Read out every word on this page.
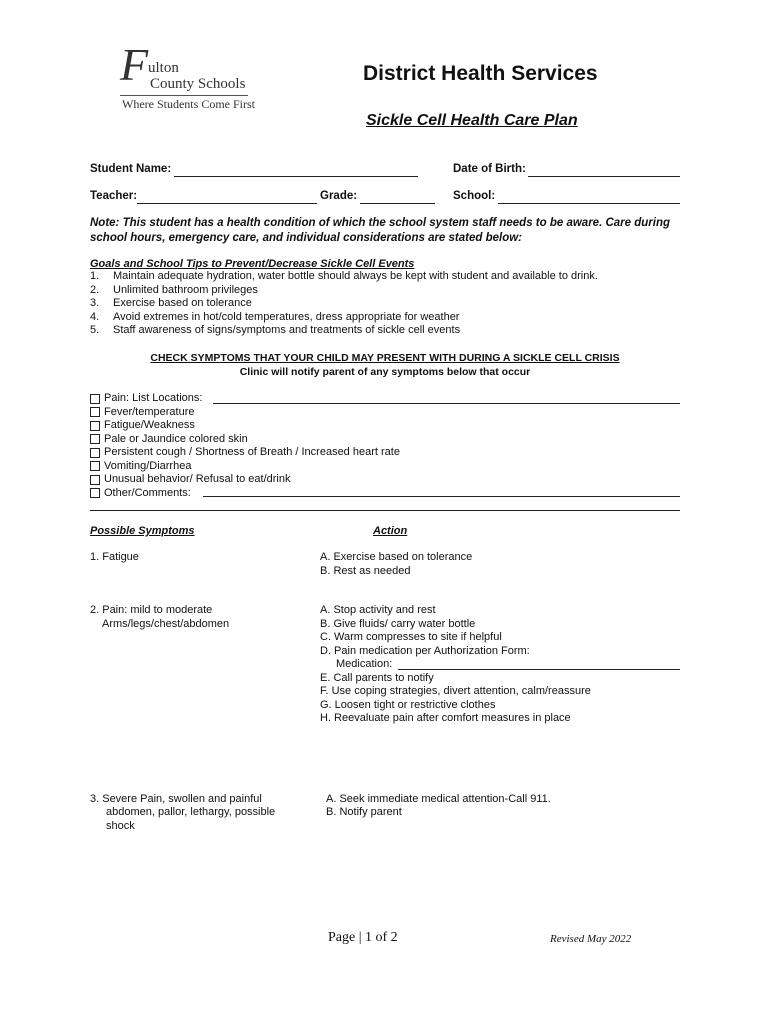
F ulton
County Schools
Where Students Come First
District Health Services
Sickle Cell Health Care Plan
Student Name:	Date of Birth:
Teacher:	Grade:	School:
Note: This student has a health condition of which the school system staff needs to be aware. Care during school hours, emergency care, and individual considerations are stated below:
Goals and School Tips to Prevent/Decrease Sickle Cell Events
1.	Maintain adequate hydration, water bottle should always be kept with student and available to drink.
2.	Unlimited bathroom privileges
3.	Exercise based on tolerance
4.	Avoid extremes in hot/cold temperatures, dress appropriate for weather
5.	Staff awareness of signs/symptoms and treatments of sickle cell events
CHECK SYMPTOMS THAT YOUR CHILD MAY PRESENT WITH DURING A SICKLE CELL CRISIS
Clinic will notify parent of any symptoms below that occur
Pain: List Locations:
Fever/temperature
Fatigue/Weakness
Pale or Jaundice colored skin
Persistent cough / Shortness of Breath / Increased heart rate
Vomiting/Diarrhea
Unusual behavior/ Refusal to eat/drink
Other/Comments:
Possible Symptoms	Action
1. Fatigue	A. Exercise based on tolerance
B. Rest as needed
2. Pain: mild to moderate
Arms/legs/chest/abdomen
A. Stop activity and rest
B. Give fluids/ carry water bottle
C. Warm compresses to site if helpful
D. Pain medication per Authorization Form:
Medication:
E. Call parents to notify
F. Use coping strategies, divert attention, calm/reassure
G. Loosen tight or restrictive clothes
H. Reevaluate pain after comfort measures in place
3. Severe Pain, swollen and painful
abdomen, pallor, lethargy, possible
shock
A. Seek immediate medical attention-Call 911.
B. Notify parent
Page | 1 of 2	Revised May 2022
